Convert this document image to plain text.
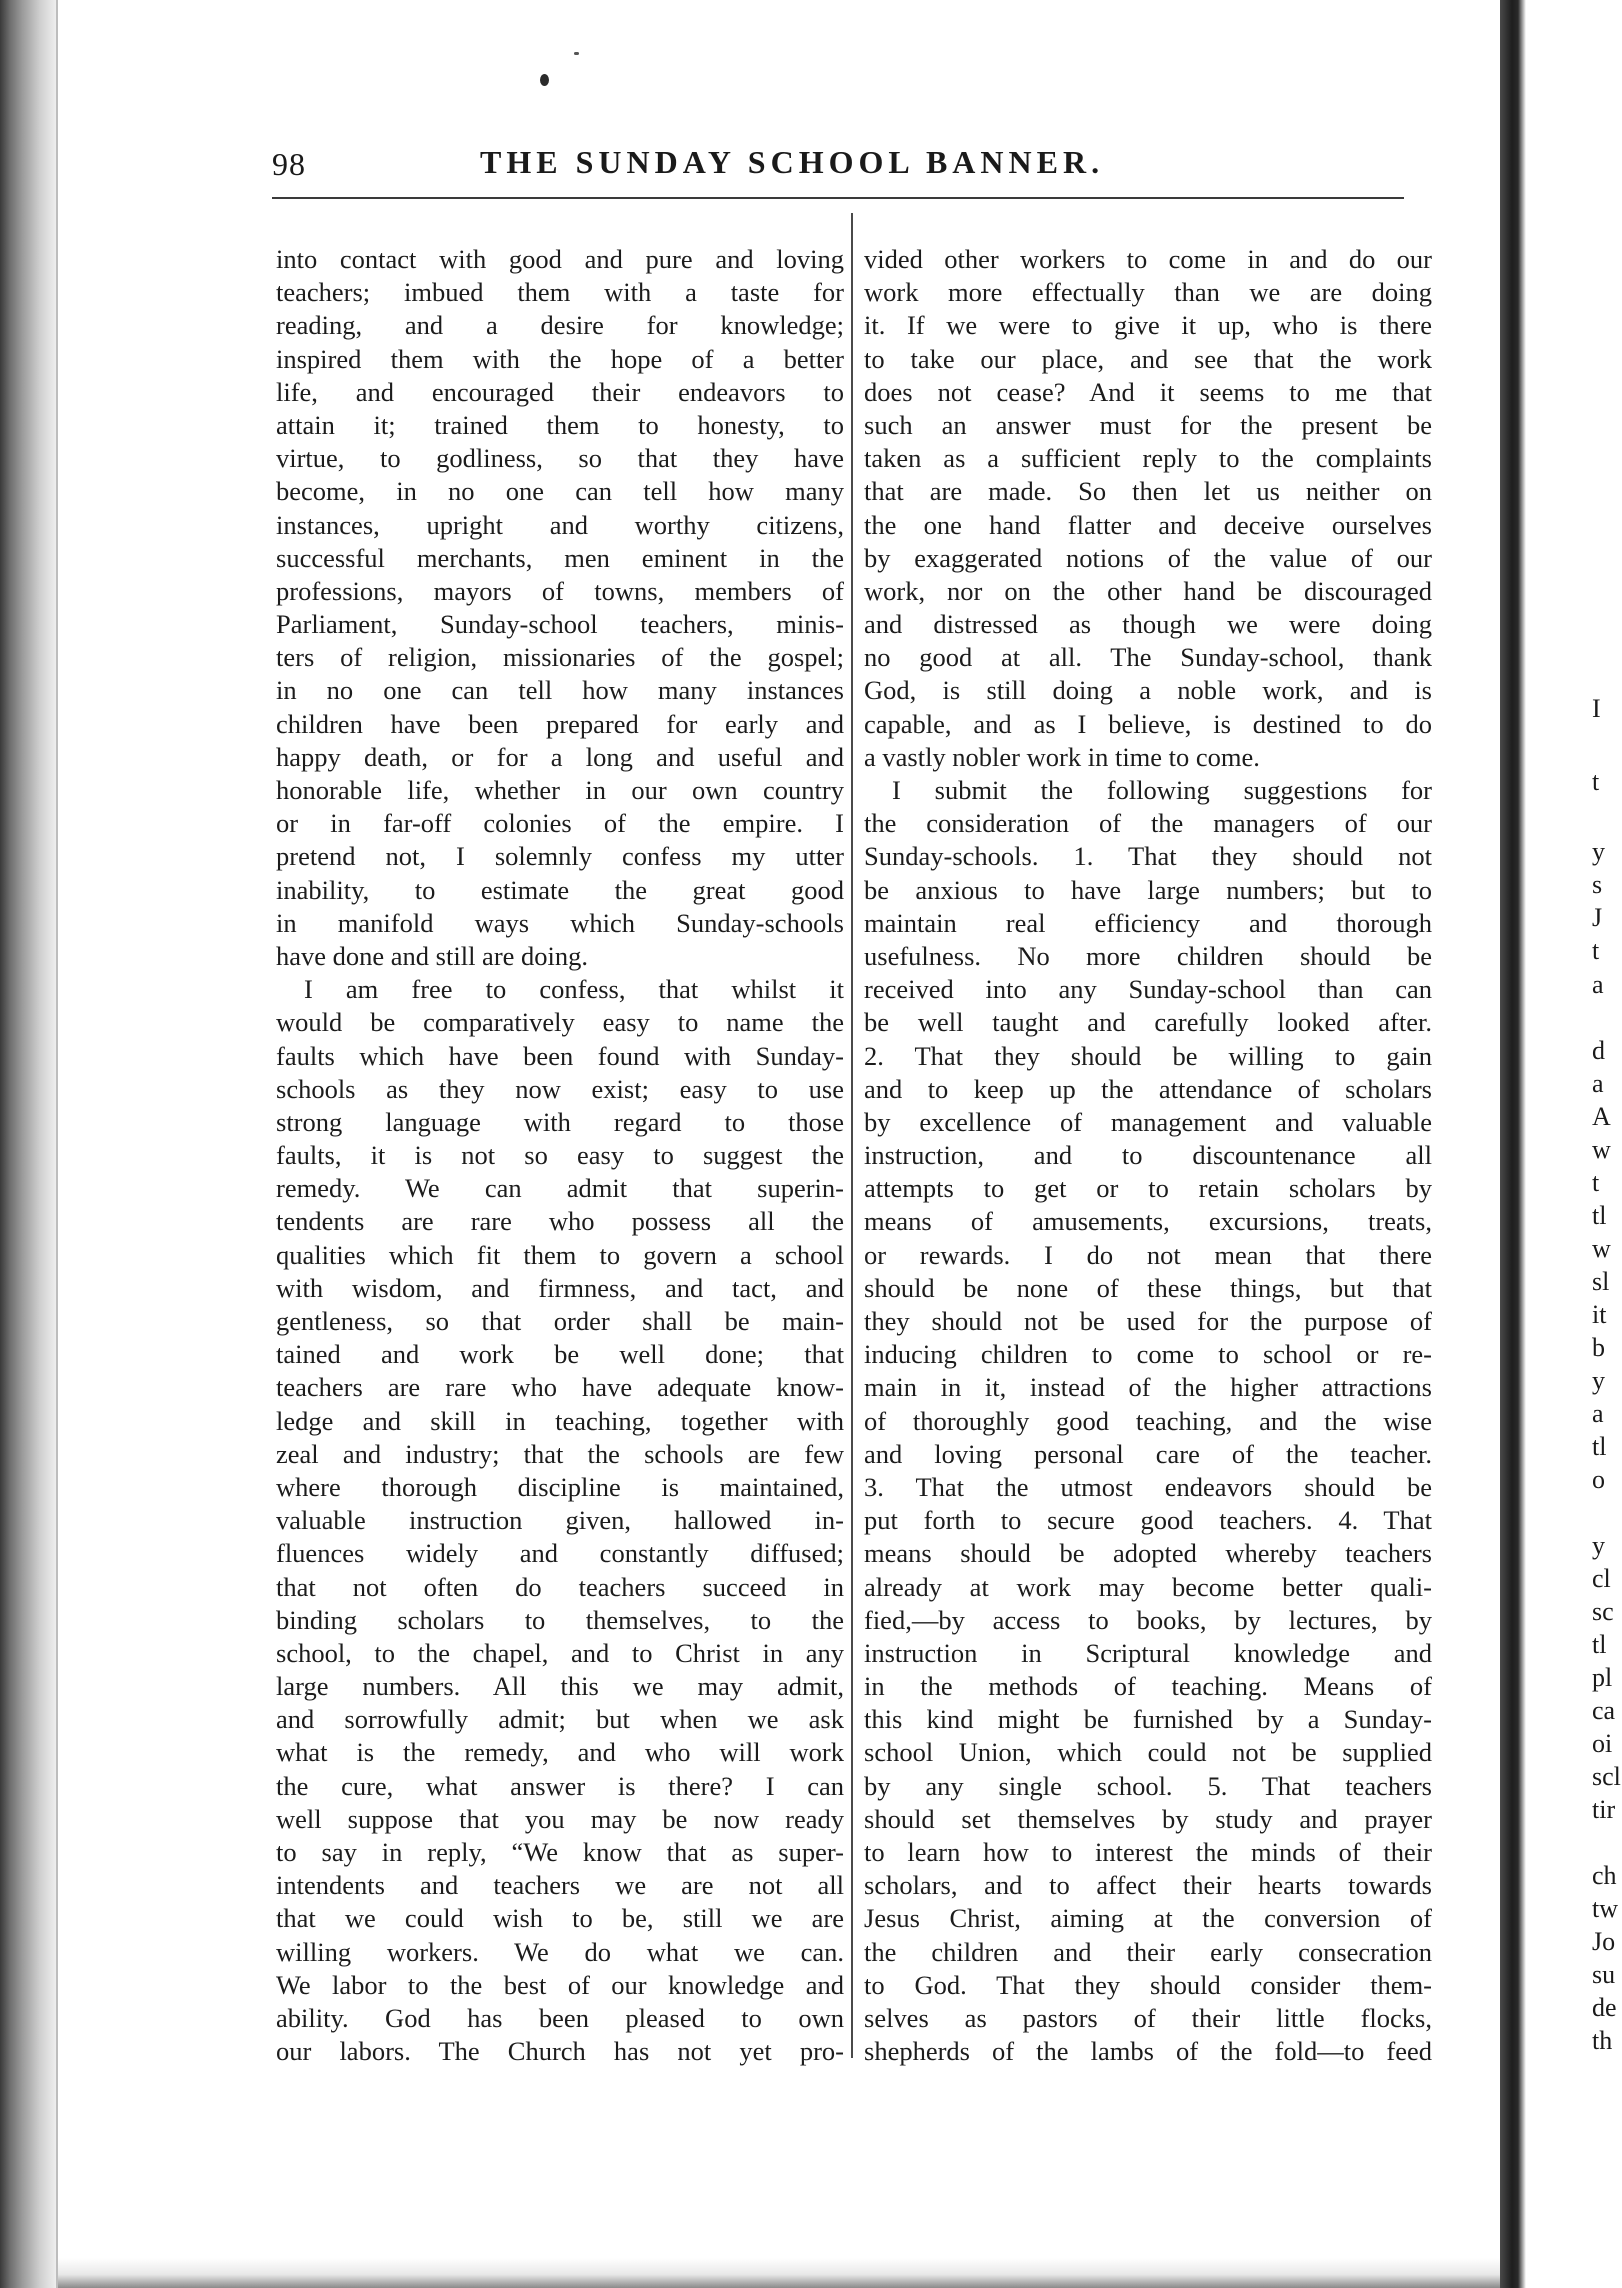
98	THE SUNDAY SCHOOL BANNER.
into contact with good and pure and loving
teachers; imbued them with a taste for
reading, and a desire for knowledge;
inspired them with the hope of a better
life, and encouraged their endeavors to
attain it; trained them to honesty, to
virtue, to godliness, so that they have
become, in no one can tell how many
instances, upright and worthy citizens,
successful merchants, men eminent in the
professions, mayors of towns, members of
Parliament, Sunday-school teachers, minis-
ters of religion, missionaries of the gospel;
in no one can tell how many instances
children have been prepared for early and
happy death, or for a long and useful and
honorable life, whether in our own country
or in far-off colonies of the empire. I
pretend not, I solemnly confess my utter
inability, to estimate the great good
in manifold ways which Sunday-schools
have done and still are doing.
I am free to confess, that whilst it
would be comparatively easy to name the
faults which have been found with Sunday-
schools as they now exist; easy to use
strong language with regard to those
faults, it is not so easy to suggest the
remedy. We can admit that superin-
tendents are rare who possess all the
qualities which fit them to govern a school
with wisdom, and firmness, and tact, and
gentleness, so that order shall be main-
tained and work be well done; that
teachers are rare who have adequate know-
ledge and skill in teaching, together with
zeal and industry; that the schools are few
where thorough discipline is maintained,
valuable instruction given, hallowed in-
fluences widely and constantly diffused;
that not often do teachers succeed in
binding scholars to themselves, to the
school, to the chapel, and to Christ in any
large numbers. All this we may admit,
and sorrowfully admit; but when we ask
what is the remedy, and who will work
the cure, what answer is there? I can
well suppose that you may be now ready
to say in reply, “We know that as super-
intendents and teachers we are not all
that we could wish to be, still we are
willing workers. We do what we can.
We labor to the best of our knowledge and
ability. God has been pleased to own
our labors. The Church has not yet pro-
vided other workers to come in and do our
work more effectually than we are doing
it. If we were to give it up, who is there
to take our place, and see that the work
does not cease? And it seems to me that
such an answer must for the present be
taken as a sufficient reply to the complaints
that are made. So then let us neither on
the one hand flatter and deceive ourselves
by exaggerated notions of the value of our
work, nor on the other hand be discouraged
and distressed as though we were doing
no good at all. The Sunday-school, thank
God, is still doing a noble work, and is
capable, and as I believe, is destined to do
a vastly nobler work in time to come.
I submit the following suggestions for
the consideration of the managers of our
Sunday-schools. 1. That they should not
be anxious to have large numbers; but to
maintain real efficiency and thorough
usefulness. No more children should be
received into any Sunday-school than can
be well taught and carefully looked after.
2. That they should be willing to gain
and to keep up the attendance of scholars
by excellence of management and valuable
instruction, and to discountenance all
attempts to get or to retain scholars by
means of amusements, excursions, treats,
or rewards. I do not mean that there
should be none of these things, but that
they should not be used for the purpose of
inducing children to come to school or re-
main in it, instead of the higher attractions
of thoroughly good teaching, and the wise
and loving personal care of the teacher.
3. That the utmost endeavors should be
put forth to secure good teachers. 4. That
means should be adopted whereby teachers
already at work may become better quali-
fied,—by access to books, by lectures, by
instruction in Scriptural knowledge and
in the methods of teaching. Means of
this kind might be furnished by a Sunday-
school Union, which could not be supplied
by any single school. 5. That teachers
should set themselves by study and prayer
to learn how to interest the minds of their
scholars, and to affect their hearts towards
Jesus Christ, aiming at the conversion of
the children and their early consecration
to God. That they should consider them-
selves as pastors of their little flocks,
shepherds of the lambs of the fold—to feed
I
t
y
s
J
t
a
d
a
A
w
t
tl
w
sl
it
b
y
a
tl
o
y
cl
sc
tl
pl
ca
oi
scl
tir
ch
tw
Jo
su
de
th
